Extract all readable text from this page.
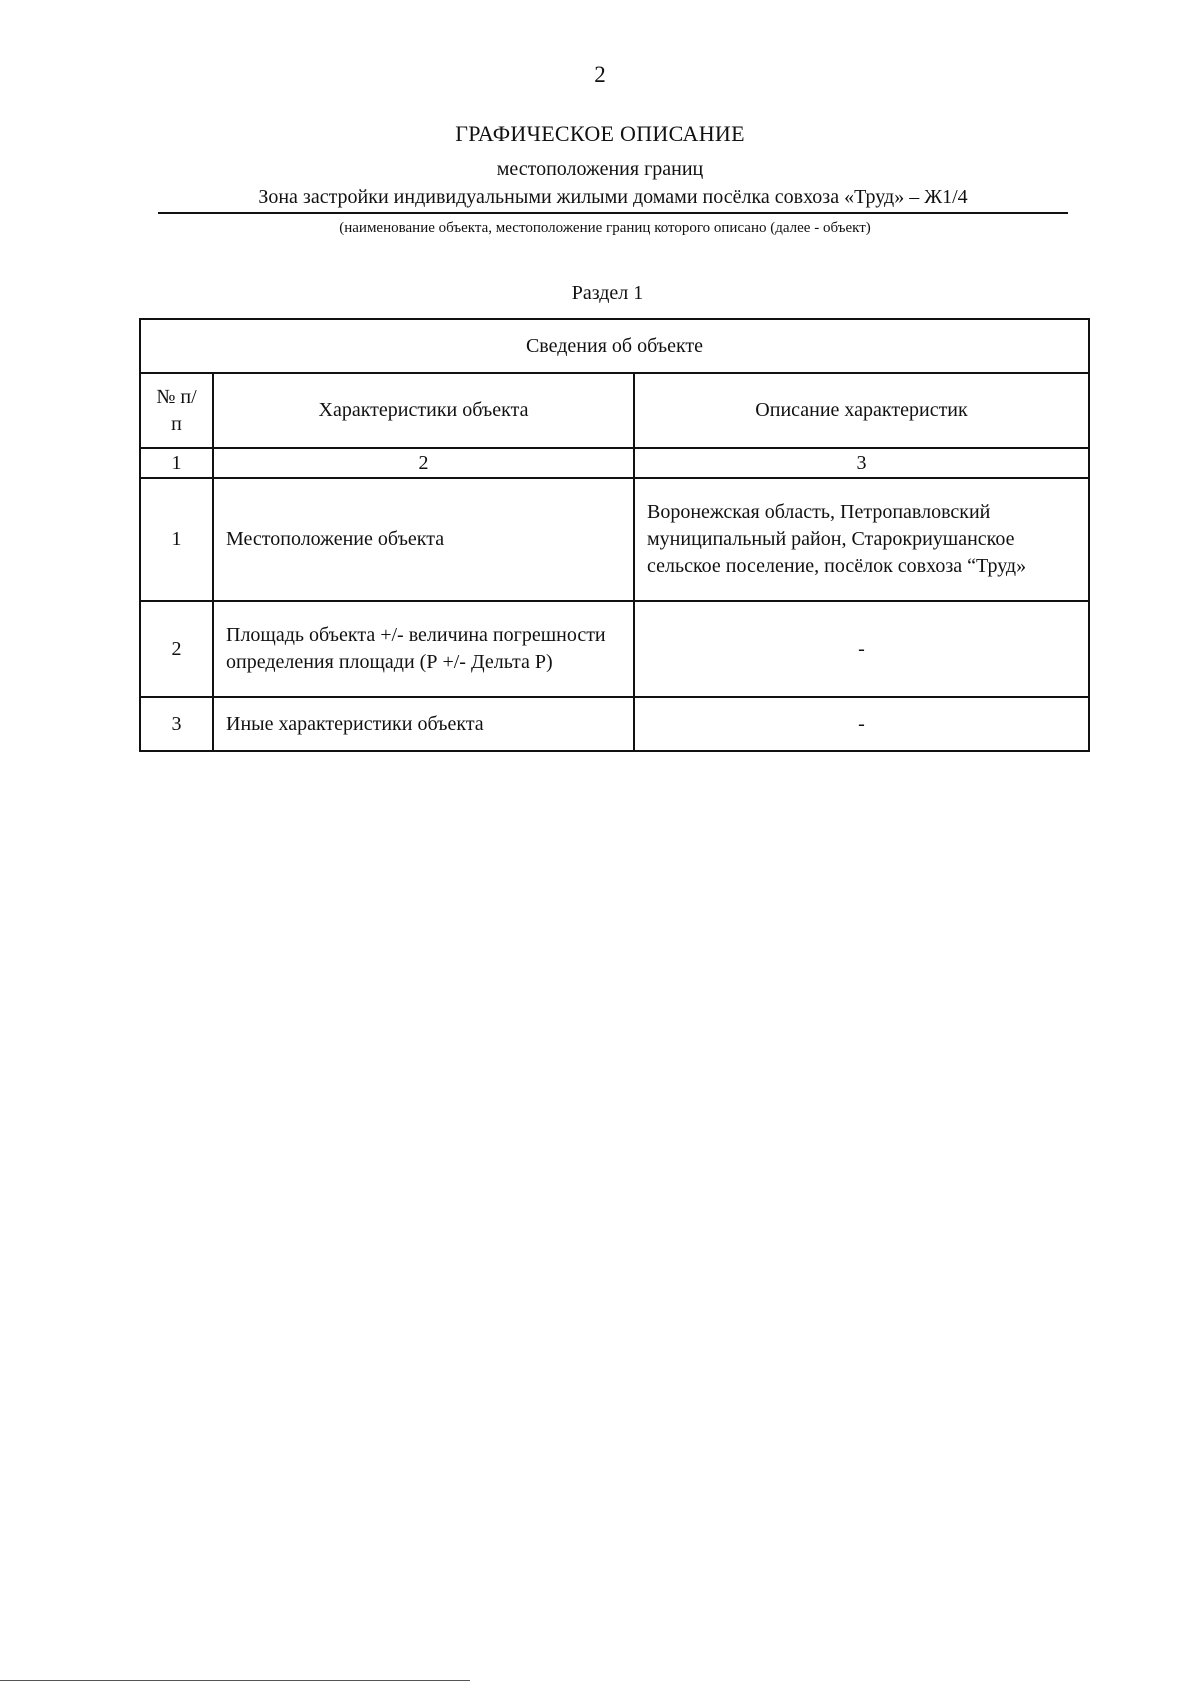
2
ГРАФИЧЕСКОЕ ОПИСАНИЕ
местоположения границ
Зона застройки индивидуальными жилыми домами посёлка совхоза «Труд» – Ж1/4
(наименование объекта, местоположение границ которого описано (далее - объект)
Раздел 1
Сведения об объекте		
№ п/п	Характеристики объекта	Описание характеристик
1	2	3
1	Местоположение объекта	Воронежская область, Петропавловский муниципальный район, Старокриушанское сельское поселение, посёлок совхоза “Труд»
2	Площадь объекта +/- величина погрешности определения площади (Р +/- Дельта Р)	-
3	Иные характеристики объекта	-
